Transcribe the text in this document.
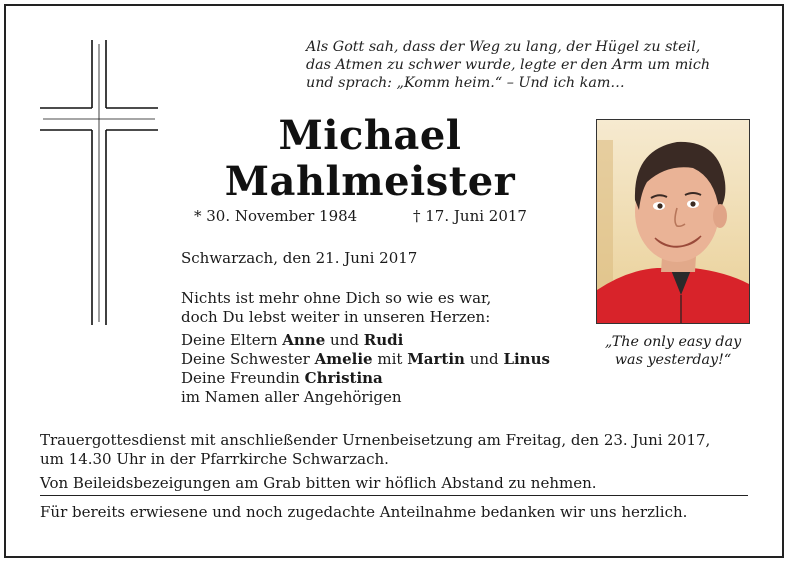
Als Gott sah, dass der Weg zu lang, der Hügel zu steil,
das Atmen zu schwer wurde, legte er den Arm um mich
und sprach: „Komm heim.“ – Und ich kam…
Michael
Mahlmeister
* 30. November 1984	† 17. Juni 2017
Schwarzach, den 21. Juni 2017
Nichts ist mehr ohne Dich so wie es war,
doch Du lebst weiter in unseren Herzen:
Deine Eltern Anne und Rudi
Deine Schwester Amelie mit Martin und Linus
Deine Freundin Christina
im Namen aller Angehörigen
„The only easy day
was yesterday!“
Trauergottesdienst mit anschließender Urnenbeisetzung am Freitag, den 23. Juni 2017,
um 14.30 Uhr in der Pfarrkirche Schwarzach.
Von Beileidsbezeigungen am Grab bitten wir höflich Abstand zu nehmen.
Für bereits erwiesene und noch zugedachte Anteilnahme bedanken wir uns herzlich.
